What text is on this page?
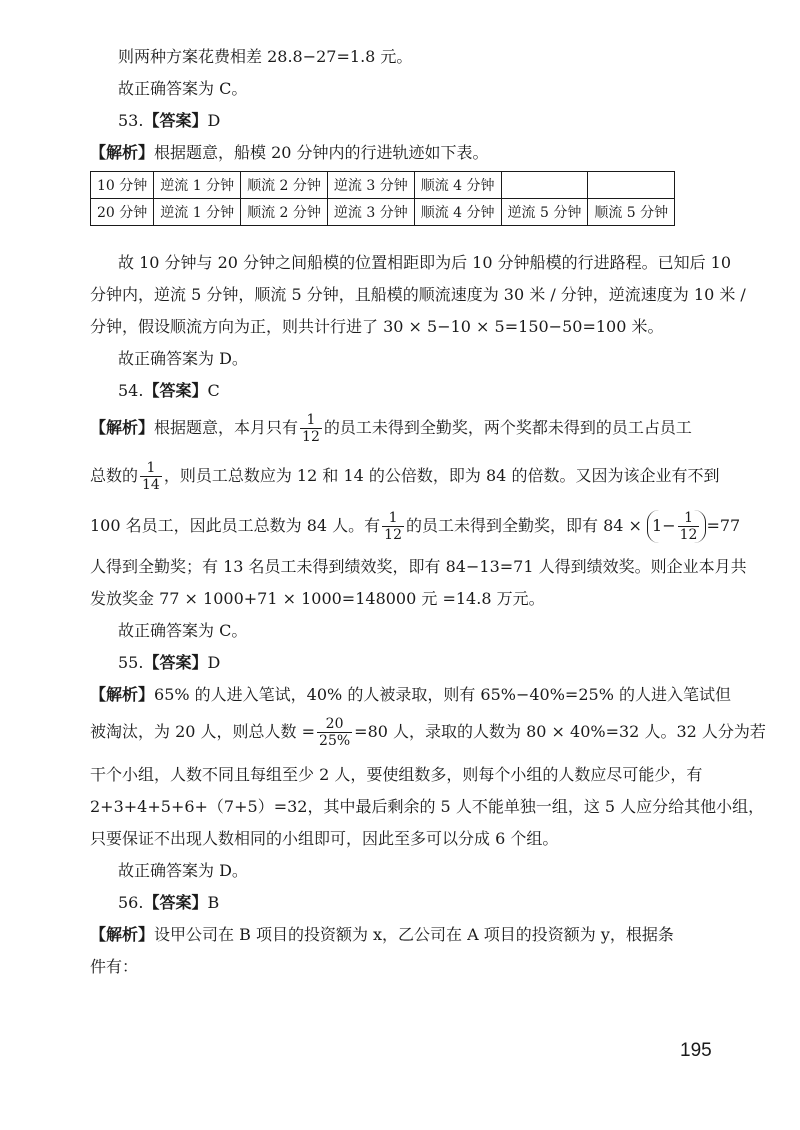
则两种方案花费相差 28.8−27=1.8 元。
故正确答案为 C。
53.【答案】D
【解析】根据题意，船模 20 分钟内的行进轨迹如下表。
10 分钟	逆流 1 分钟	顺流 2 分钟	逆流 3 分钟	顺流 4 分钟		
20 分钟	逆流 1 分钟	顺流 2 分钟	逆流 3 分钟	顺流 4 分钟	逆流 5 分钟	顺流 5 分钟
故 10 分钟与 20 分钟之间船模的位置相距即为后 10 分钟船模的行进路程。已知后 10
分钟内，逆流 5 分钟，顺流 5 分钟，且船模的顺流速度为 30 米 / 分钟，逆流速度为 10 米 /
分钟，假设顺流方向为正，则共计行进了 30 × 5−10 × 5=150−50=100 米。
故正确答案为 D。
54.【答案】C
【解析】根据题意，本月只有 $\frac{1}{12}$ 的员工未得到全勤奖，两个奖都未得到的员工占员工
总数的 $\frac{1}{14}$ ，则员工总数应为 12 和 14 的公倍数，即为 84 的倍数。又因为该企业有不到
100 名员工，因此员工总数为 84 人。有 $\frac{1}{12}$ 的员工未得到全勤奖，即有 $84 \times 1- \frac{1}{12} =77$
人得到全勤奖；有 13 名员工未得到绩效奖，即有 84−13=71 人得到绩效奖。则企业本月共
发放奖金 77 × 1000+71 × 1000=148000 元 =14.8 万元。
故正确答案为 C。
55.【答案】D
【解析】65% 的人进入笔试，40% 的人被录取，则有 65%−40%=25% 的人进入笔试但
被淘汰，为 20 人，则总人数 = $\frac{20}{25\%} =80$ 人，录取的人数为 80 × 40%=32 人。32 人分为若
干个小组，人数不同且每组至少 2 人，要使组数多，则每个小组的人数应尽可能少，有
2+3+4+5+6+（7+5）=32，其中最后剩余的 5 人不能单独一组，这 5 人应分给其他小组，
只要保证不出现人数相同的小组即可，因此至多可以分成 6 个组。
故正确答案为 D。
56.【答案】B
【解析】设甲公司在 B 项目的投资额为 x，乙公司在 A 项目的投资额为 y，根据条
件有：
195
